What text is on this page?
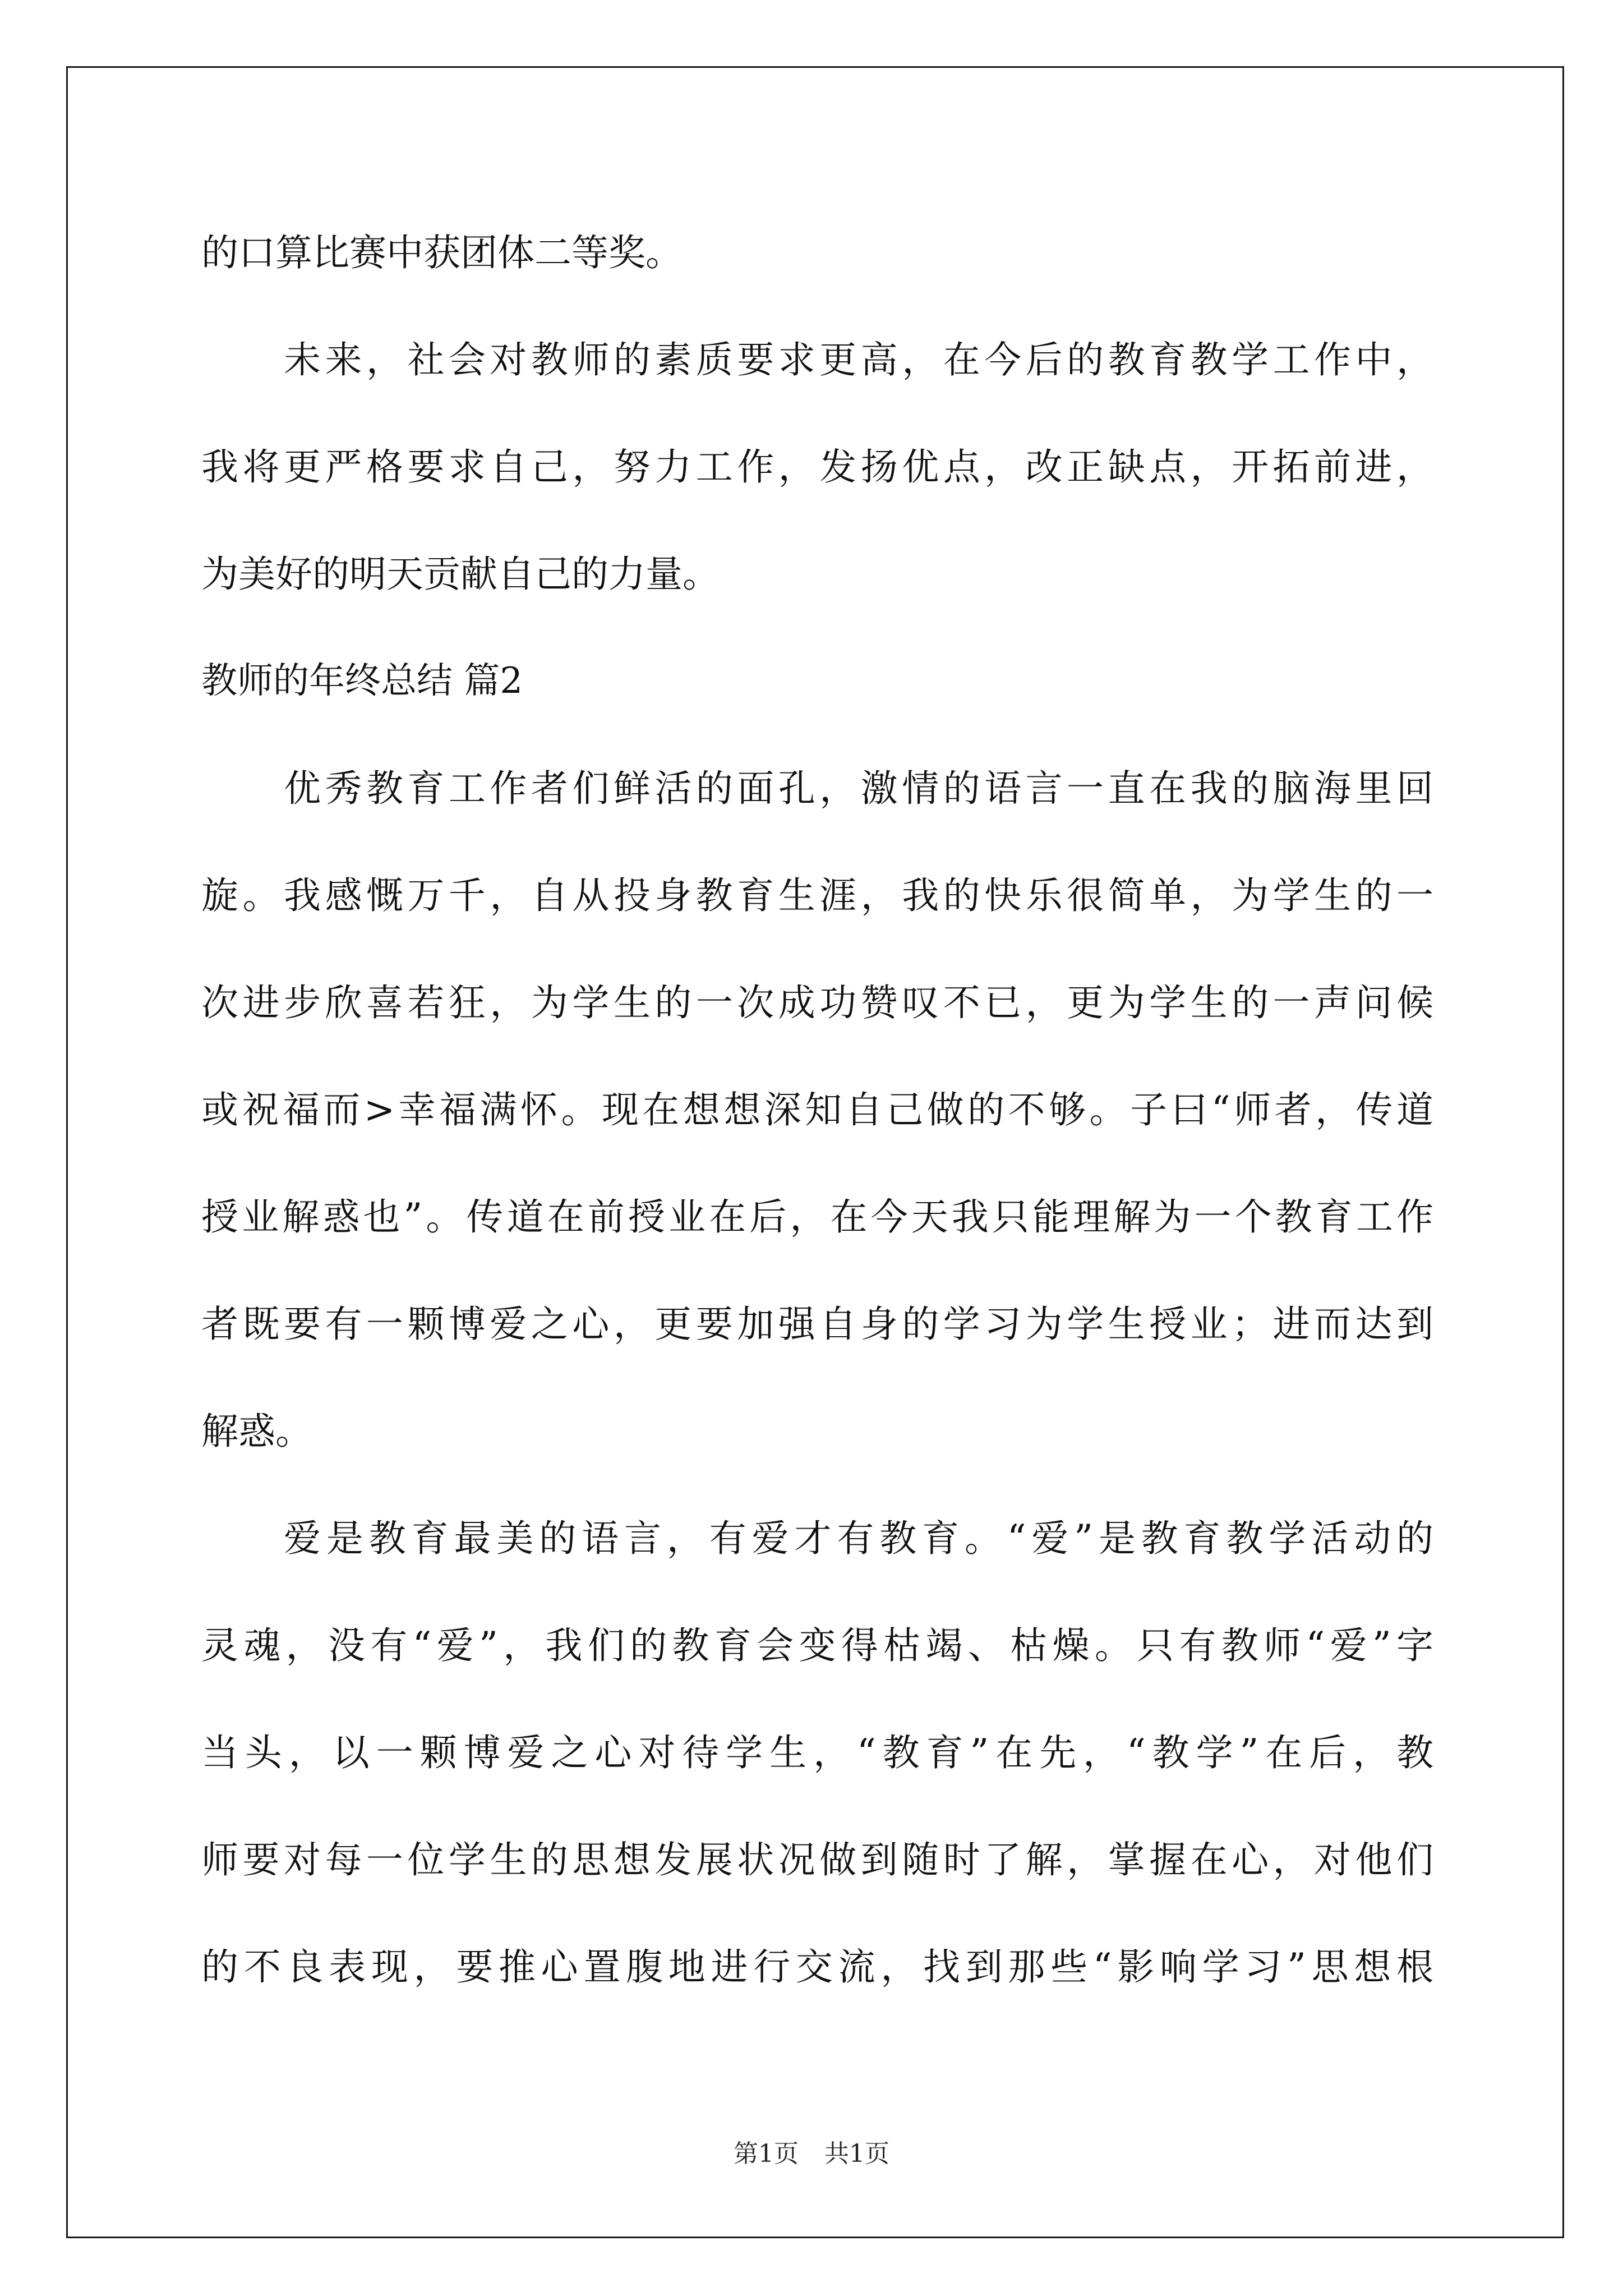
的口算比赛中获团体二等奖。
未来，社会对教师的素质要求更高，在今后的教育教学工作中，
我将更严格要求自己，努力工作，发扬优点，改正缺点，开拓前进，
为美好的明天贡献自己的力量。
教师的年终总结 篇2
优秀教育工作者们鲜活的面孔，激情的语言一直在我的脑海里回
旋。我感慨万千，自从投身教育生涯，我的快乐很简单，为学生的一
次进步欣喜若狂，为学生的一次成功赞叹不已，更为学生的一声问候
或祝福而>幸福满怀。现在想想深知自己做的不够。子曰“师者，传道
授业解惑也”。传道在前授业在后，在今天我只能理解为一个教育工作
者既要有一颗博爱之心，更要加强自身的学习为学生授业；进而达到
解惑。
爱是教育最美的语言，有爱才有教育。“爱”是教育教学活动的
灵魂，没有“爱”，我们的教育会变得枯竭、枯燥。只有教师“爱”字
当头，以一颗博爱之心对待学生，“教育”在先，“教学”在后，教
师要对每一位学生的思想发展状况做到随时了解，掌握在心，对他们
的不良表现，要推心置腹地进行交流，找到那些“影响学习”思想根
第1页 共1页
